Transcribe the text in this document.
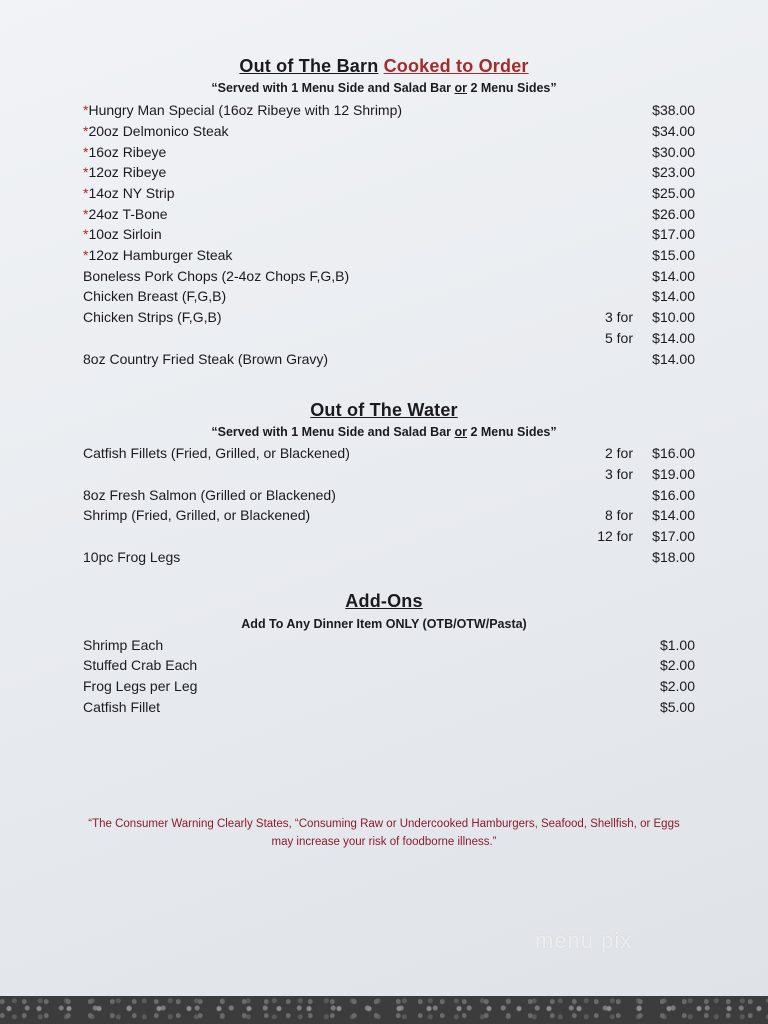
Out of The Barn Cooked to Order
“Served with 1 Menu Side and Salad Bar or 2 Menu Sides”
*Hungry Man Special (16oz Ribeye with 12 Shrimp)	$38.00
*20oz Delmonico Steak	$34.00
*16oz Ribeye	$30.00
*12oz Ribeye	$23.00
*14oz NY Strip	$25.00
*24oz T-Bone	$26.00
*10oz Sirloin	$17.00
*12oz Hamburger Steak	$15.00
Boneless Pork Chops (2-4oz Chops F,G,B)	$14.00
Chicken Breast (F,G,B)	$14.00
Chicken Strips (F,G,B)	3 for $10.00
5 for $14.00
8oz Country Fried Steak (Brown Gravy)	$14.00
Out of The Water
“Served with 1 Menu Side and Salad Bar or 2 Menu Sides”
Catfish Fillets (Fried, Grilled, or Blackened)	2 for $16.00
3 for $19.00
8oz Fresh Salmon (Grilled or Blackened)	$16.00
Shrimp (Fried, Grilled, or Blackened)	8 for $14.00
12 for $17.00
10pc Frog Legs	$18.00
Add-Ons
Add To Any Dinner Item ONLY (OTB/OTW/Pasta)
Shrimp Each	$1.00
Stuffed Crab Each	$2.00
Frog Legs per Leg	$2.00
Catfish Fillet	$5.00
“The Consumer Warning Clearly States, “Consuming Raw or Undercooked Hamburgers, Seafood, Shellfish, or Eggs
may increase your risk of foodborne illness.”
menu pix
